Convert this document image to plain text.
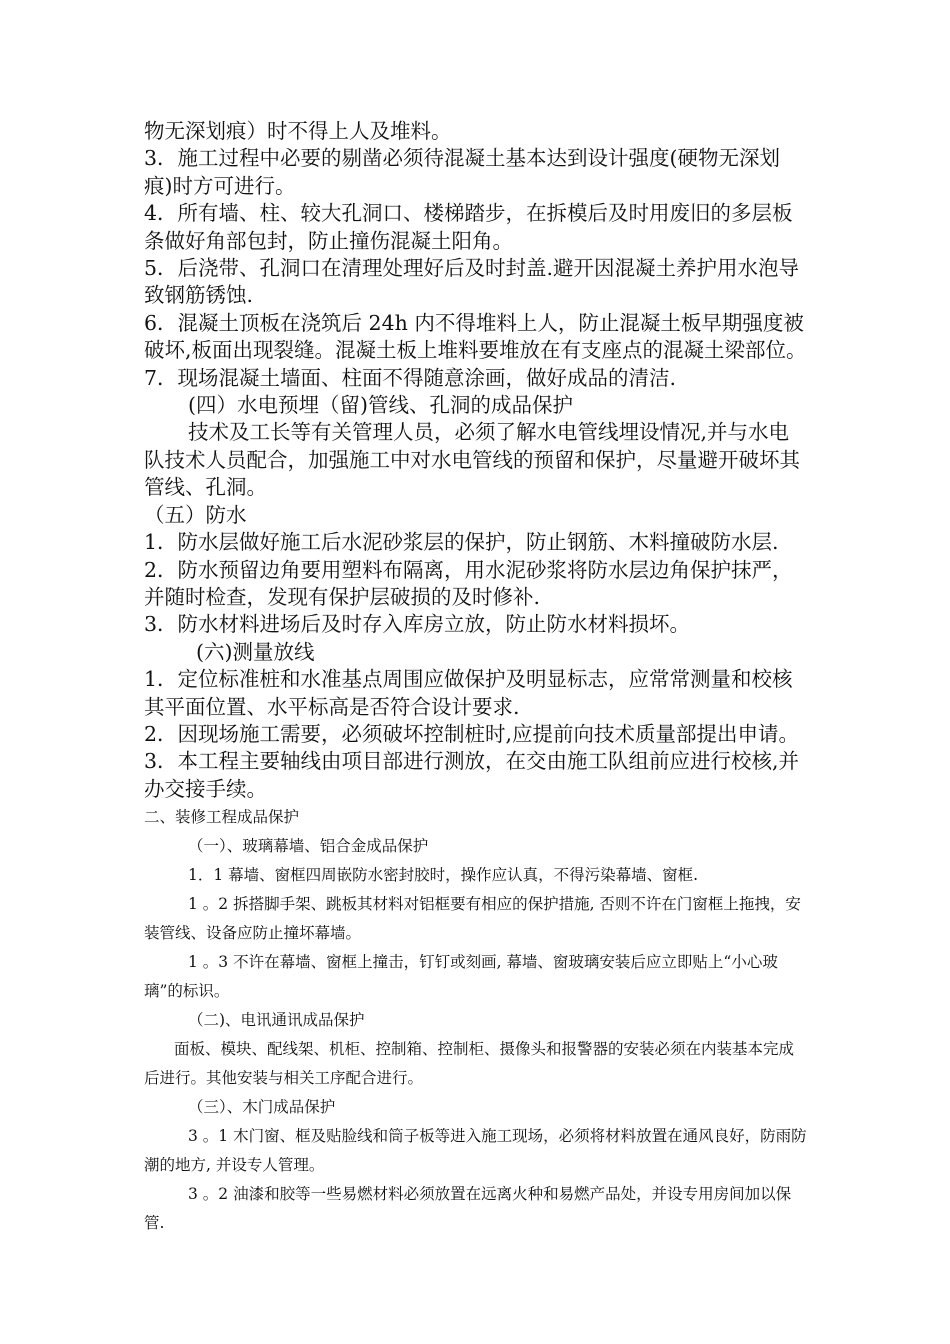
物无深划痕）时不得上人及堆料。

3．施工过程中必要的剔凿必须待混凝土基本达到设计强度(硬物无深划痕)时方可进行。

4．所有墙、柱、较大孔洞口、楼梯踏步，在拆模后及时用废旧的多层板条做好角部包封，防止撞伤混凝土阳角。

5．后浇带、孔洞口在清理处理好后及时封盖.避开因混凝土养护用水泡导致钢筋锈蚀.

6．混凝土顶板在浇筑后 24h 内不得堆料上人，防止混凝土板早期强度被破坏,板面出现裂缝。混凝土板上堆料要堆放在有支座点的混凝土梁部位。

7．现场混凝土墙面、柱面不得随意涂画，做好成品的清洁.

(四）水电预埋（留)管线、孔洞的成品保护

技术及工长等有关管理人员，必须了解水电管线埋设情况,并与水电队技术人员配合，加强施工中对水电管线的预留和保护，尽量避开破坏其管线、孔洞。

（五）防水

1．防水层做好施工后水泥砂浆层的保护，防止钢筋、木料撞破防水层.

2．防水预留边角要用塑料布隔离，用水泥砂浆将防水层边角保护抹严，并随时检查，发现有保护层破损的及时修补.

3．防水材料进场后及时存入库房立放，防止防水材料损坏。

(六)测量放线

1．定位标准桩和水准基点周围应做保护及明显标志，应常常测量和校核其平面位置、水平标高是否符合设计要求.

2．因现场施工需要，必须破坏控制桩时,应提前向技术质量部提出申请。

3．本工程主要轴线由项目部进行测放，在交由施工队组前应进行校核,并办交接手续。

二、装修工程成品保护

（一）、玻璃幕墙、铝合金成品保护

1．1 幕墙、窗框四周嵌防水密封胶时，操作应认真，不得污染幕墙、窗框.

1 。2 拆搭脚手架、跳板其材料对铝框要有相应的保护措施, 否则不许在门窗框上拖拽，安装管线、设备应防止撞坏幕墙。

1 。3 不许在幕墙、窗框上撞击，钉钉或刻画, 幕墙、窗玻璃安装后应立即贴上“小心玻璃”的标识。

（二)、电讯通讯成品保护

面板、模块、配线架、机柜、控制箱、控制柜、摄像头和报警器的安装必须在内装基本完成后进行。其他安装与相关工序配合进行。

（三）、木门成品保护

3 。1 木门窗、框及贴脸线和筒子板等进入施工现场，必须将材料放置在通风良好，防雨防潮的地方, 并设专人管理。

3 。2 油漆和胶等一些易燃材料必须放置在远离火种和易燃产品处，并设专用房间加以保管.
